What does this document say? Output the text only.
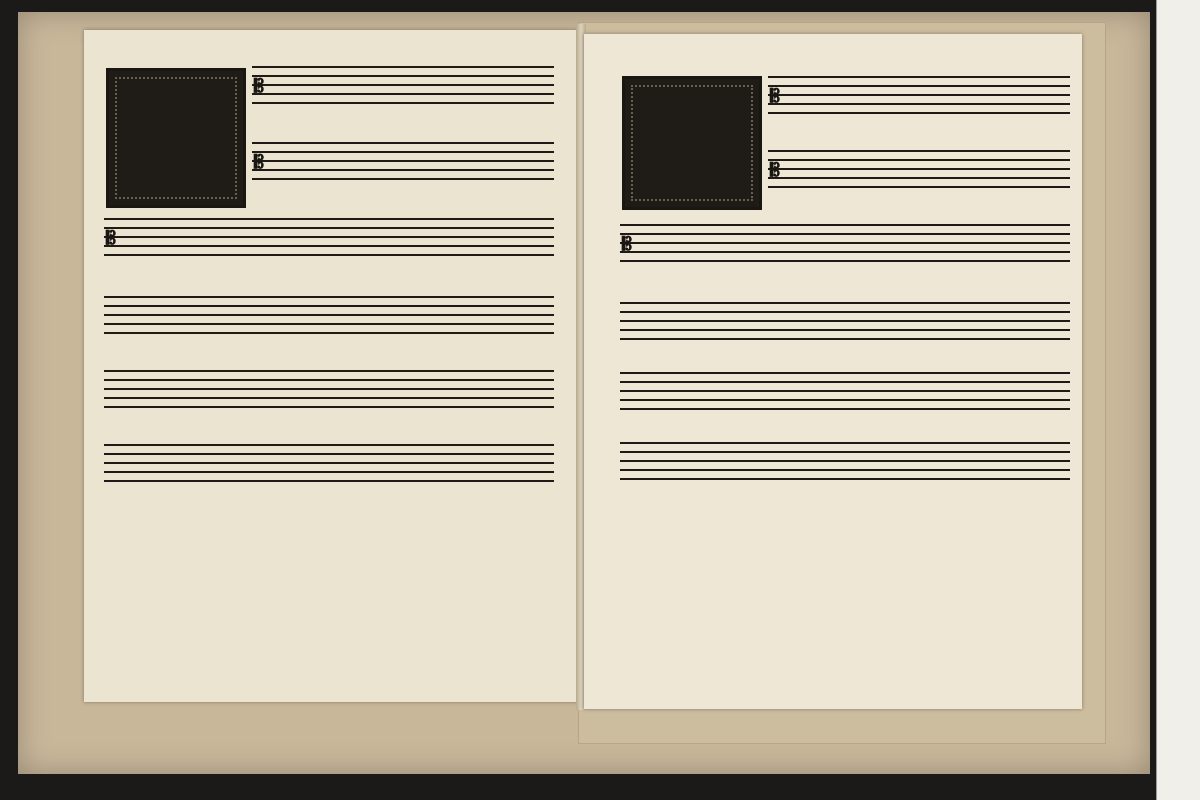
𝄡
𝄡
𝄡
𝄡
𝄡
𝄡
